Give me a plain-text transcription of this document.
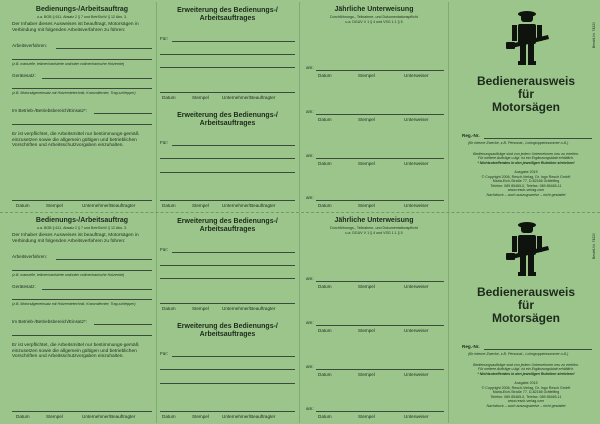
Bedienungs-/Arbeitsauftrag
u.a. BGB § 611, Absatz 2 § 7 und BetrSichV § 12 Abs. 3.
Der Inhaber dieses Ausweises ist beauftragt, Motorsägen in Verbindung mit folgenden Arbeitsverfahren zu führen:
Arbeitsverfahren:
(z.B. manuelle, teilmechanisierte und/oder vollmechanische Holzernte)
Gerätesatz:
(z.B. Motorsägeneinsatz mit Holzerntetechnik, Kranvollernter, Trag-schlepper)
Im Betrieb-/Betriebsbereich/Einsatz*:
Er ist verpflichtet, die Arbeitsmittel nur bestimmungs-gemäß einzusetzen sowie die allgemein gültigen und betrieblichen Vorschriften und Arbeitsschutzvorgaben einzuhalten.
Datum	Stempel	Unternehmer/Beauftragter
Erweiterung des Bedienungs-/ Arbeitsauftrages
Für:
Datum	Stempel	Unternehmer/Beauftragter
Erweiterung des Bedienungs-/ Arbeitsauftrages
Für:
Datum	Stempel	Unternehmer/Beauftragter
Jährliche Unterweisung
Durchführungs-, Teilnahme- und Dokumentationspflicht
u.a. DGUV V 1 § 4 und VSG 1.1 § 5
am:
Datum	Stempel	Unterweiser
am:
Datum	Stempel	Unterweiser
am:
Datum	Stempel	Unterweiser
am:
Datum	Stempel	Unterweiser
Bedienerausweis
für
Motorsägen
Reg.-Nr.
(für interne Zwecke, z.B. Personal-, Lohngruppennummer o.Ä.)
Bedienungsaufträge sind von jedem Unternehmen neu zu erteilen.
Für weitere Aufträge u.ägl. ist ein Ergänzungsblatt erhältlich.
* Nichtzutreffendes in den jeweiligen Rubriken streichen!
Ausgabe 2015
© Copyright 2006, Resch-Verlag, Dr. Ingo Resch GmbH
Maria-Eich-Straße 77, D-82166 Gräfelfing
Telefon: 089 85465-0, Telefax: 089 85465-11
www.resch-verlag.com
Nachdruck – auch auszugsweise – nicht gestattet
Bestell-Nr. 74220
Bedienungs-/Arbeitsauftrag
u.a. BGB § 611, Absatz 2 § 7 und BetrSichV § 12 Abs. 3.
Der Inhaber dieses Ausweises ist beauftragt, Motorsägen in Verbindung mit folgenden Arbeitsverfahren zu führen:
Arbeitsverfahren:
(z.B. manuelle, teilmechanisierte und/oder vollmechanische Holzernte)
Gerätesatz:
(z.B. Motorsägeneinsatz mit Holzerntetechnik, Kranvollernter, Trag-schlepper)
Im Betrieb-/Betriebsbereich/Einsatz*:
Er ist verpflichtet, die Arbeitsmittel nur bestimmungs-gemäß einzusetzen sowie die allgemein gültigen und betrieblichen Vorschriften und Arbeitsschutzvorgaben einzuhalten.
Datum	Stempel	Unternehmer/Beauftragter
Erweiterung des Bedienungs-/ Arbeitsauftrages
Für:
Datum	Stempel	Unternehmer/Beauftragter
Erweiterung des Bedienungs-/ Arbeitsauftrages
Für:
Datum	Stempel	Unternehmer/Beauftragter
Jährliche Unterweisung
Durchführungs-, Teilnahme- und Dokumentationspflicht
u.a. DGUV V 1 § 4 und VSG 1.1 § 5
am:
Datum	Stempel	Unterweiser
am:
Datum	Stempel	Unterweiser
am:
Datum	Stempel	Unterweiser
am:
Datum	Stempel	Unterweiser
Bedienerausweis
für
Motorsägen
Reg.-Nr.
(für interne Zwecke, z.B. Personal-, Lohngruppennummer o.Ä.)
Bedienungsaufträge sind von jedem Unternehmen neu zu erteilen.
Für weitere Aufträge u.ägl. ist ein Ergänzungsblatt erhältlich.
* Nichtzutreffendes in den jeweiligen Rubriken streichen!
Ausgabe 2015
© Copyright 2006, Resch-Verlag, Dr. Ingo Resch GmbH
Maria-Eich-Straße 77, D-82166 Gräfelfing
Telefon: 089 85465-0, Telefax: 089 85465-11
www.resch-verlag.com
Nachdruck – auch auszugsweise – nicht gestattet
Bestell-Nr. 74220
